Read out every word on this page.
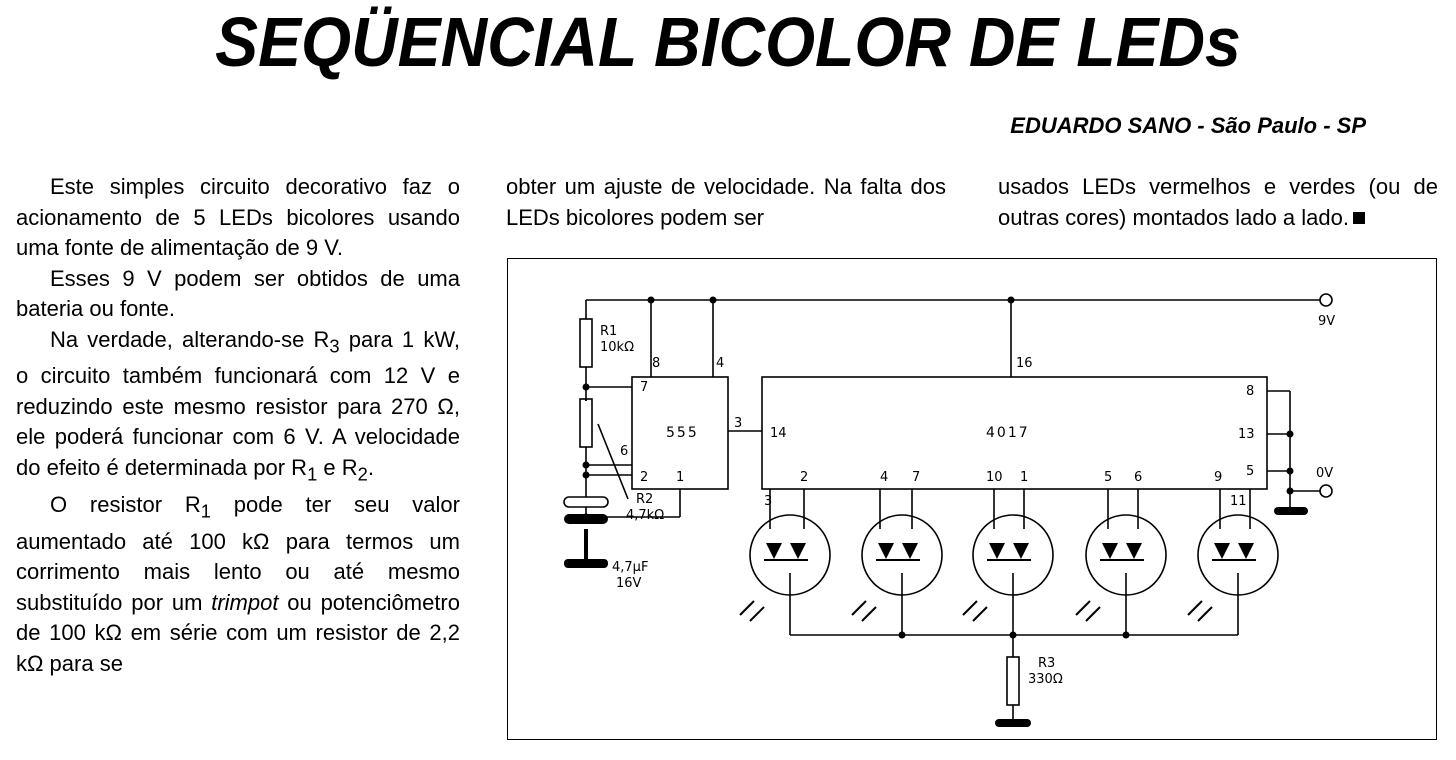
SEQÜENCIAL BICOLOR DE LEDs
EDUARDO SANO - São Paulo - SP

Este simples circuito decorativo faz o acionamento de 5 LEDs bicolores usando uma fonte de alimentação de 9 V.

Esses 9 V podem ser obtidos de uma bateria ou fonte.

Na verdade, alterando-se $R_3$ para 1 kW, o circuito também funcionará com 12 V e reduzindo este mesmo resistor para 270 Ω, ele poderá funcionar com 6 V. A velocidade do efeito é determinada por $R_1$ e $R_2$.

O resistor $R_1$ pode ter seu valor aumentado até 100 kΩ para termos um corrimento mais lento ou até mesmo substituído por um trimpot ou potenciômetro de 100 kΩ em série com um resistor de 2,2 kΩ para se

obter um ajuste de velocidade. Na falta dos LEDs bicolores podem ser

usados LEDs vermelhos e verdes (ou de outras cores) montados lado a lado.

9V
0V
555	4017
R1
10kΩ
R2
4,7kΩ
R3
330Ω
4,7µF
16V
8	4
7
6
2 1
3
16
14
8
13
5
2
3
4 7	10 1	5 6	9
11
